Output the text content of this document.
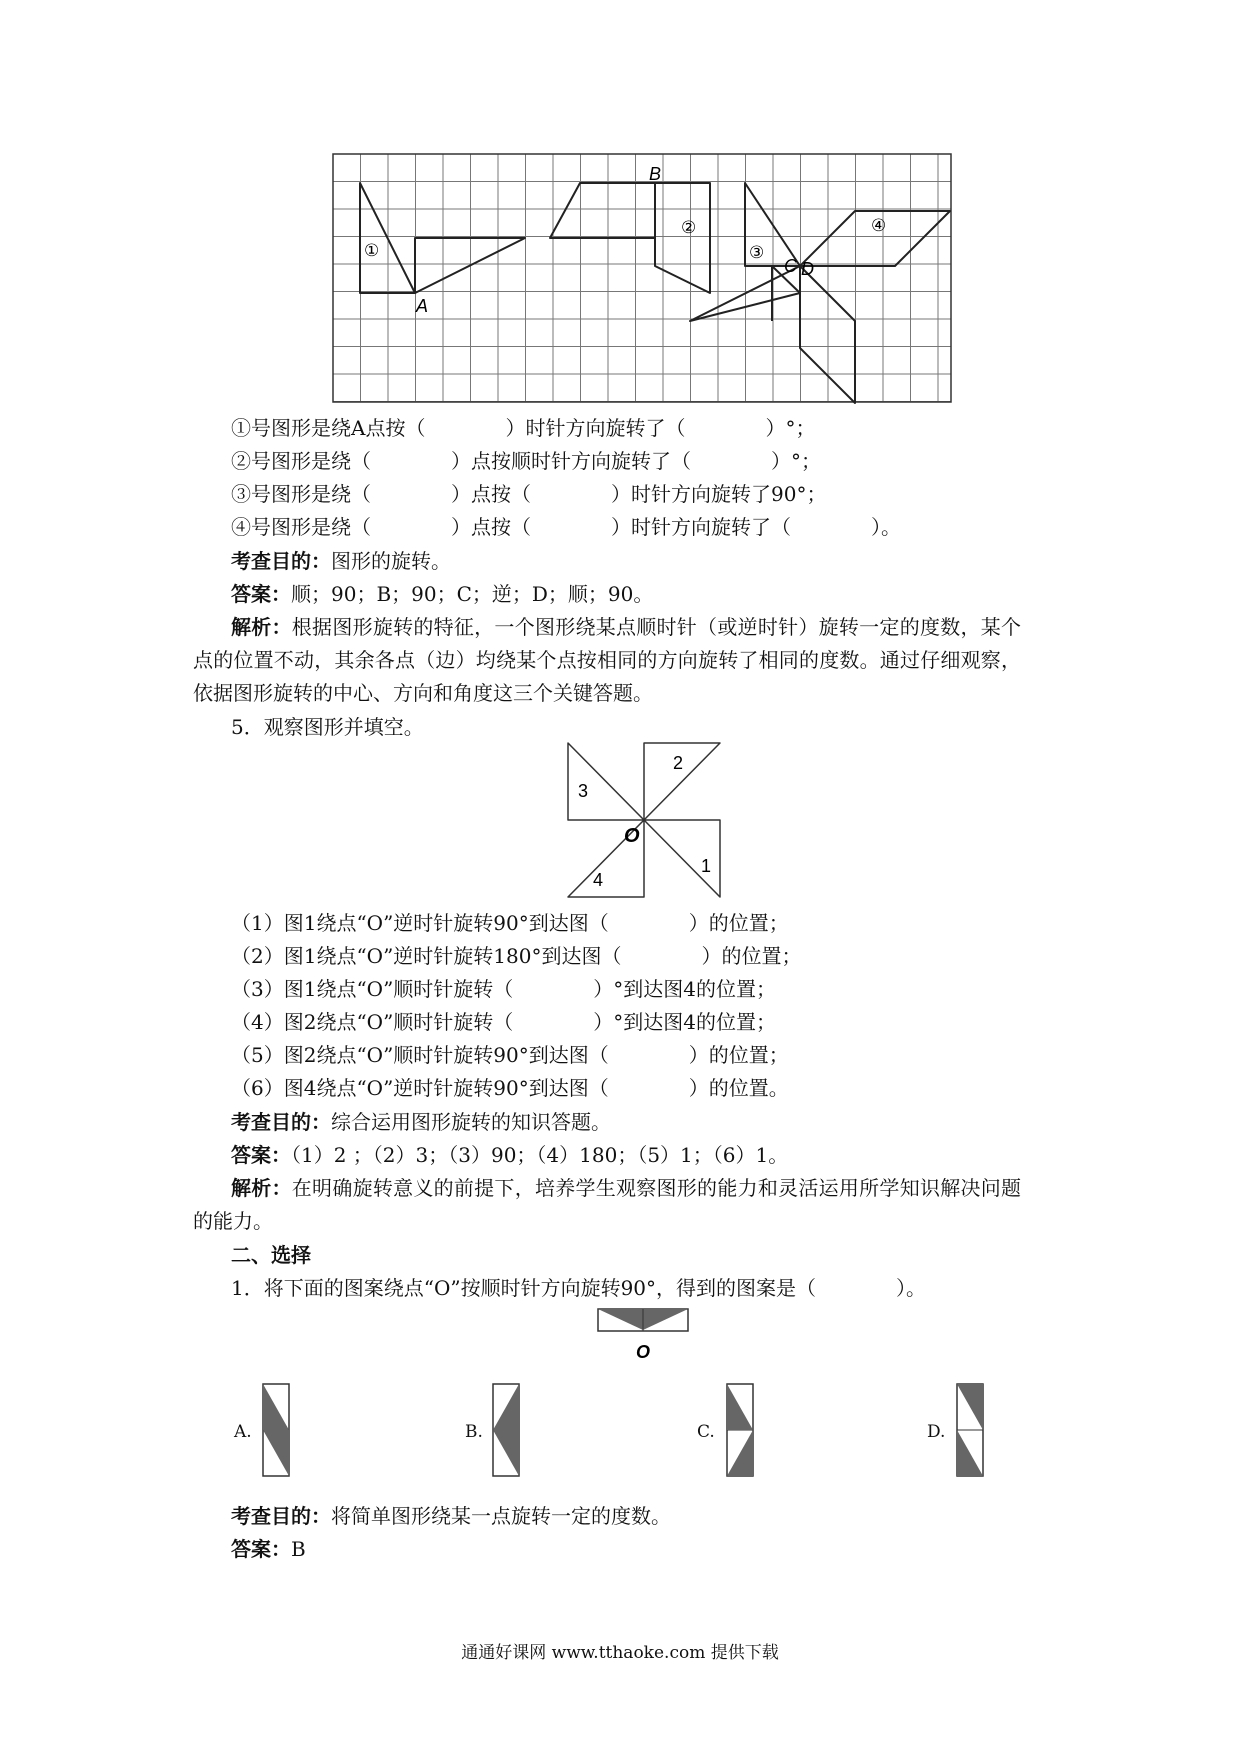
A
B
C D
①
②
③
④
①号图形是绕A点按（　　　　）时针方向旋转了（　　　　）°；
②号图形是绕（　　　　）点按顺时针方向旋转了（　　　　）°；
③号图形是绕（　　　　）点按（　　　　）时针方向旋转了90°；
④号图形是绕（　　　　）点按（　　　　）时针方向旋转了（　　　　）。
考查目的：图形的旋转。
答案：顺；90；B；90；C；逆；D；顺；90。
解析：根据图形旋转的特征，一个图形绕某点顺时针（或逆时针）旋转一定的度数，某个点的位置不动，其余各点（边）均绕某个点按相同的方向旋转了相同的度数。通过仔细观察，依据图形旋转的中心、方向和角度这三个关键答题。
5．观察图形并填空。
2
3
4
1
O
（1）图1绕点“O”逆时针旋转90°到达图（　　　　）的位置；
（2）图1绕点“O”逆时针旋转180°到达图（　　　　）的位置；
（3）图1绕点“O”顺时针旋转（　　　　）°到达图4的位置；
（4）图2绕点“O”顺时针旋转（　　　　）°到达图4的位置；
（5）图2绕点“O”顺时针旋转90°到达图（　　　　）的位置；
（6）图4绕点“O”逆时针旋转90°到达图（　　　　）的位置。
考查目的：综合运用图形旋转的知识答题。
答案：（1）2 ；（2）3；（3）90；（4）180；（5）1；（6）1。
解析：在明确旋转意义的前提下，培养学生观察图形的能力和灵活运用所学知识解决问题的能力。
二、选择
1．将下面的图案绕点“O”按顺时针方向旋转90°，得到的图案是（　　　　）。
O
A.	B.	C.	D.
考查目的：将简单图形绕某一点旋转一定的度数。
答案：B
通通好课网 www.tthaoke.com 提供下载
